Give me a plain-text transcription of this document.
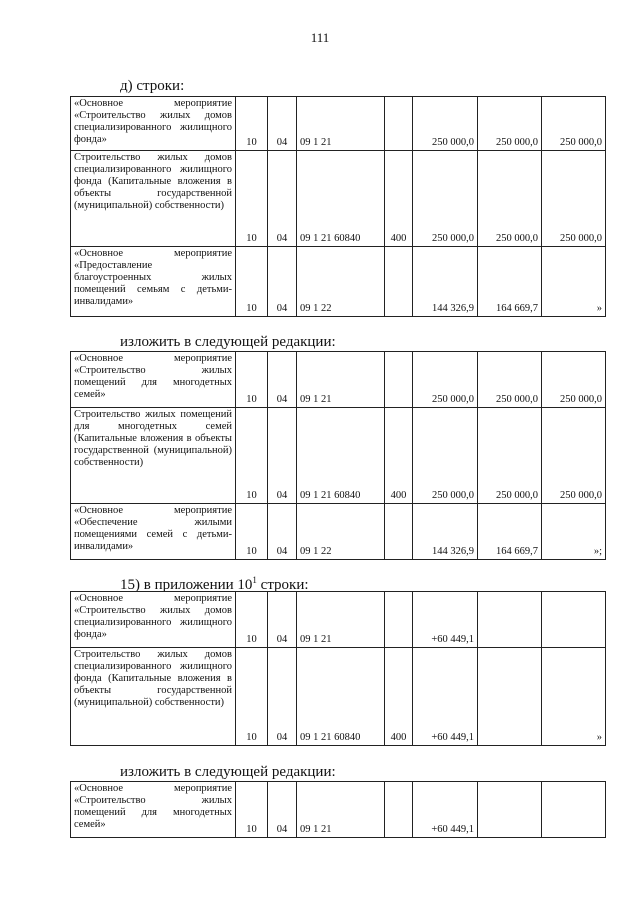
111
д) строки:
«Основное мероприятие «Строительство жилых домов специализированного жилищного фонда»	10	04	09 1 21		250 000,0	250 000,0	250 000,0
Строительство жилых домов специализированного жилищного фонда (Капитальные вложения в объекты государственной (муниципальной) собственности)	10	04	09 1 21 60840	400	250 000,0	250 000,0	250 000,0
«Основное мероприятие «Предоставление благоустроенных жилых помещений семьям с детьми-инвалидами»	10	04	09 1 22		144 326,9	164 669,7	»
изложить в следующей редакции:
«Основное мероприятие «Строительство жилых помещений для многодетных семей»	10	04	09 1 21		250 000,0	250 000,0	250 000,0
Строительство жилых помещений для многодетных семей (Капитальные вложения в объекты государственной (муниципальной) собственности)	10	04	09 1 21 60840	400	250 000,0	250 000,0	250 000,0
«Основное мероприятие «Обеспечение жилыми помещениями семей с детьми-инвалидами»	10	04	09 1 22		144 326,9	164 669,7	»;
15) в приложении $10^1$ строки:
«Основное мероприятие «Строительство жилых домов специализированного жилищного фонда»	10	04	09 1 21		+60 449,1		
Строительство жилых домов специализированного жилищного фонда (Капитальные вложения в объекты государственной (муниципальной) собственности)	10	04	09 1 21 60840	400	+60 449,1		»
изложить в следующей редакции:
«Основное мероприятие «Строительство жилых помещений для многодетных семей»	10	04	09 1 21		+60 449,1		
